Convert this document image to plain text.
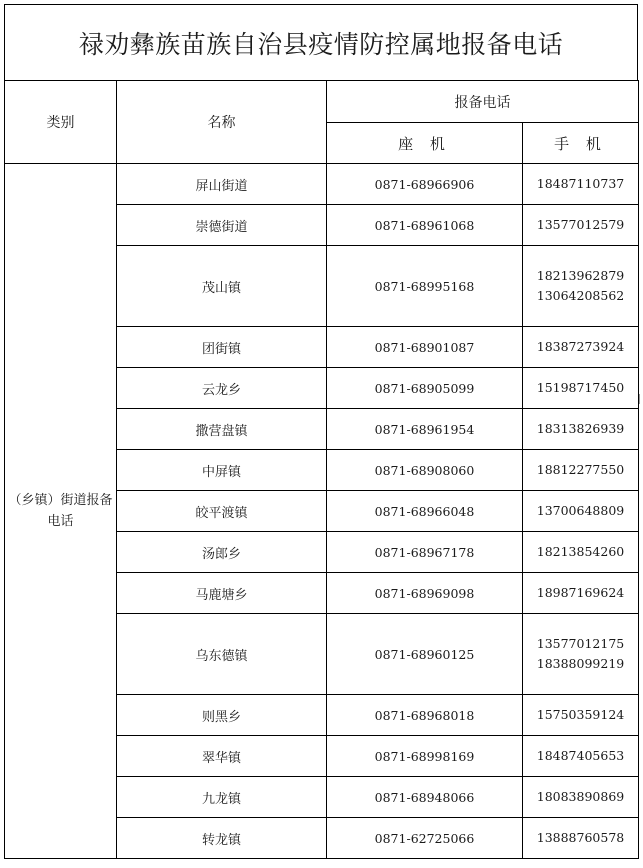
禄劝彝族苗族自治县疫情防控属地报备电话
类别	名称	报备电话	
		座 机	手 机
（乡镇）街道报备电话	屏山街道	0871-68966906	18487110737

	崇德街道	0871-68961068	13577012579

	茂山镇	0871-68995168	18213962879
13064208562

	团街镇	0871-68901087	18387273924

	云龙乡	0871-68905099	15198717450

	撒营盘镇	0871-68961954	18313826939

	中屏镇	0871-68908060	18812277550

	皎平渡镇	0871-68966048	13700648809

	汤郎乡	0871-68967178	18213854260

	马鹿塘乡	0871-68969098	18987169624

	乌东德镇	0871-68960125	13577012175
18388099219

	则黑乡	0871-68968018	15750359124

	翠华镇	0871-68998169	18487405653

	九龙镇	0871-68948066	18083890869

	转龙镇	0871-62725066	13888760578
